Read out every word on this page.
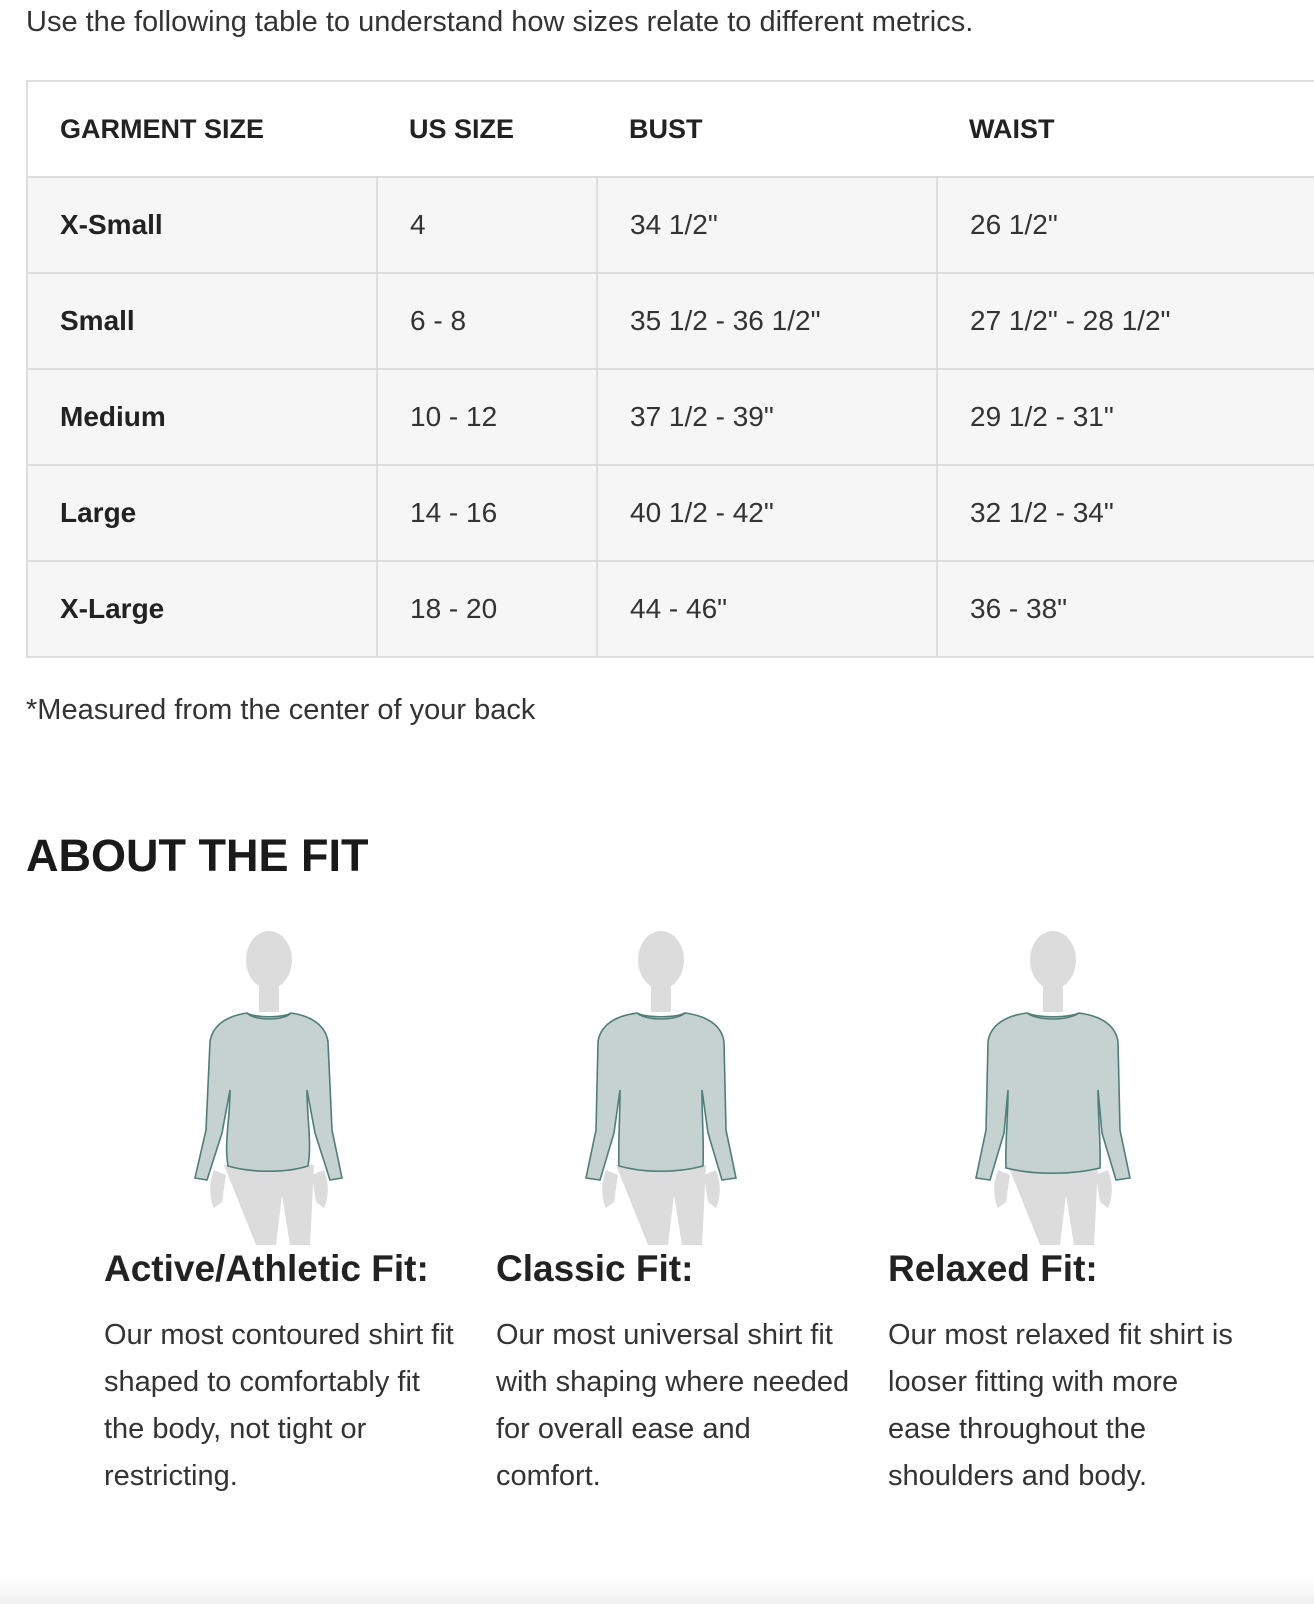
Use the following table to understand how sizes relate to different metrics.

GARMENT SIZE	US SIZE	BUST	WAIST
X-Small	4	34 1/2"	26 1/2"
Small	6 - 8	35 1/2 - 36 1/2"	27 1/2" - 28 1/2"
Medium	10 - 12	37 1/2 - 39"	29 1/2 - 31"
Large	14 - 16	40 1/2 - 42"	32 1/2 - 34"
X-Large	18 - 20	44 - 46"	36 - 38"

*Measured from the center of your back

ABOUT THE FIT
Active/Athletic Fit:

Our most contoured shirt fit shaped to comfortably fit the body, not tight or restricting.

Classic Fit:

Our most universal shirt fit with shaping where needed for overall ease and comfort.

Relaxed Fit:

Our most relaxed fit shirt is looser fitting with more ease throughout the shoulders and body.
